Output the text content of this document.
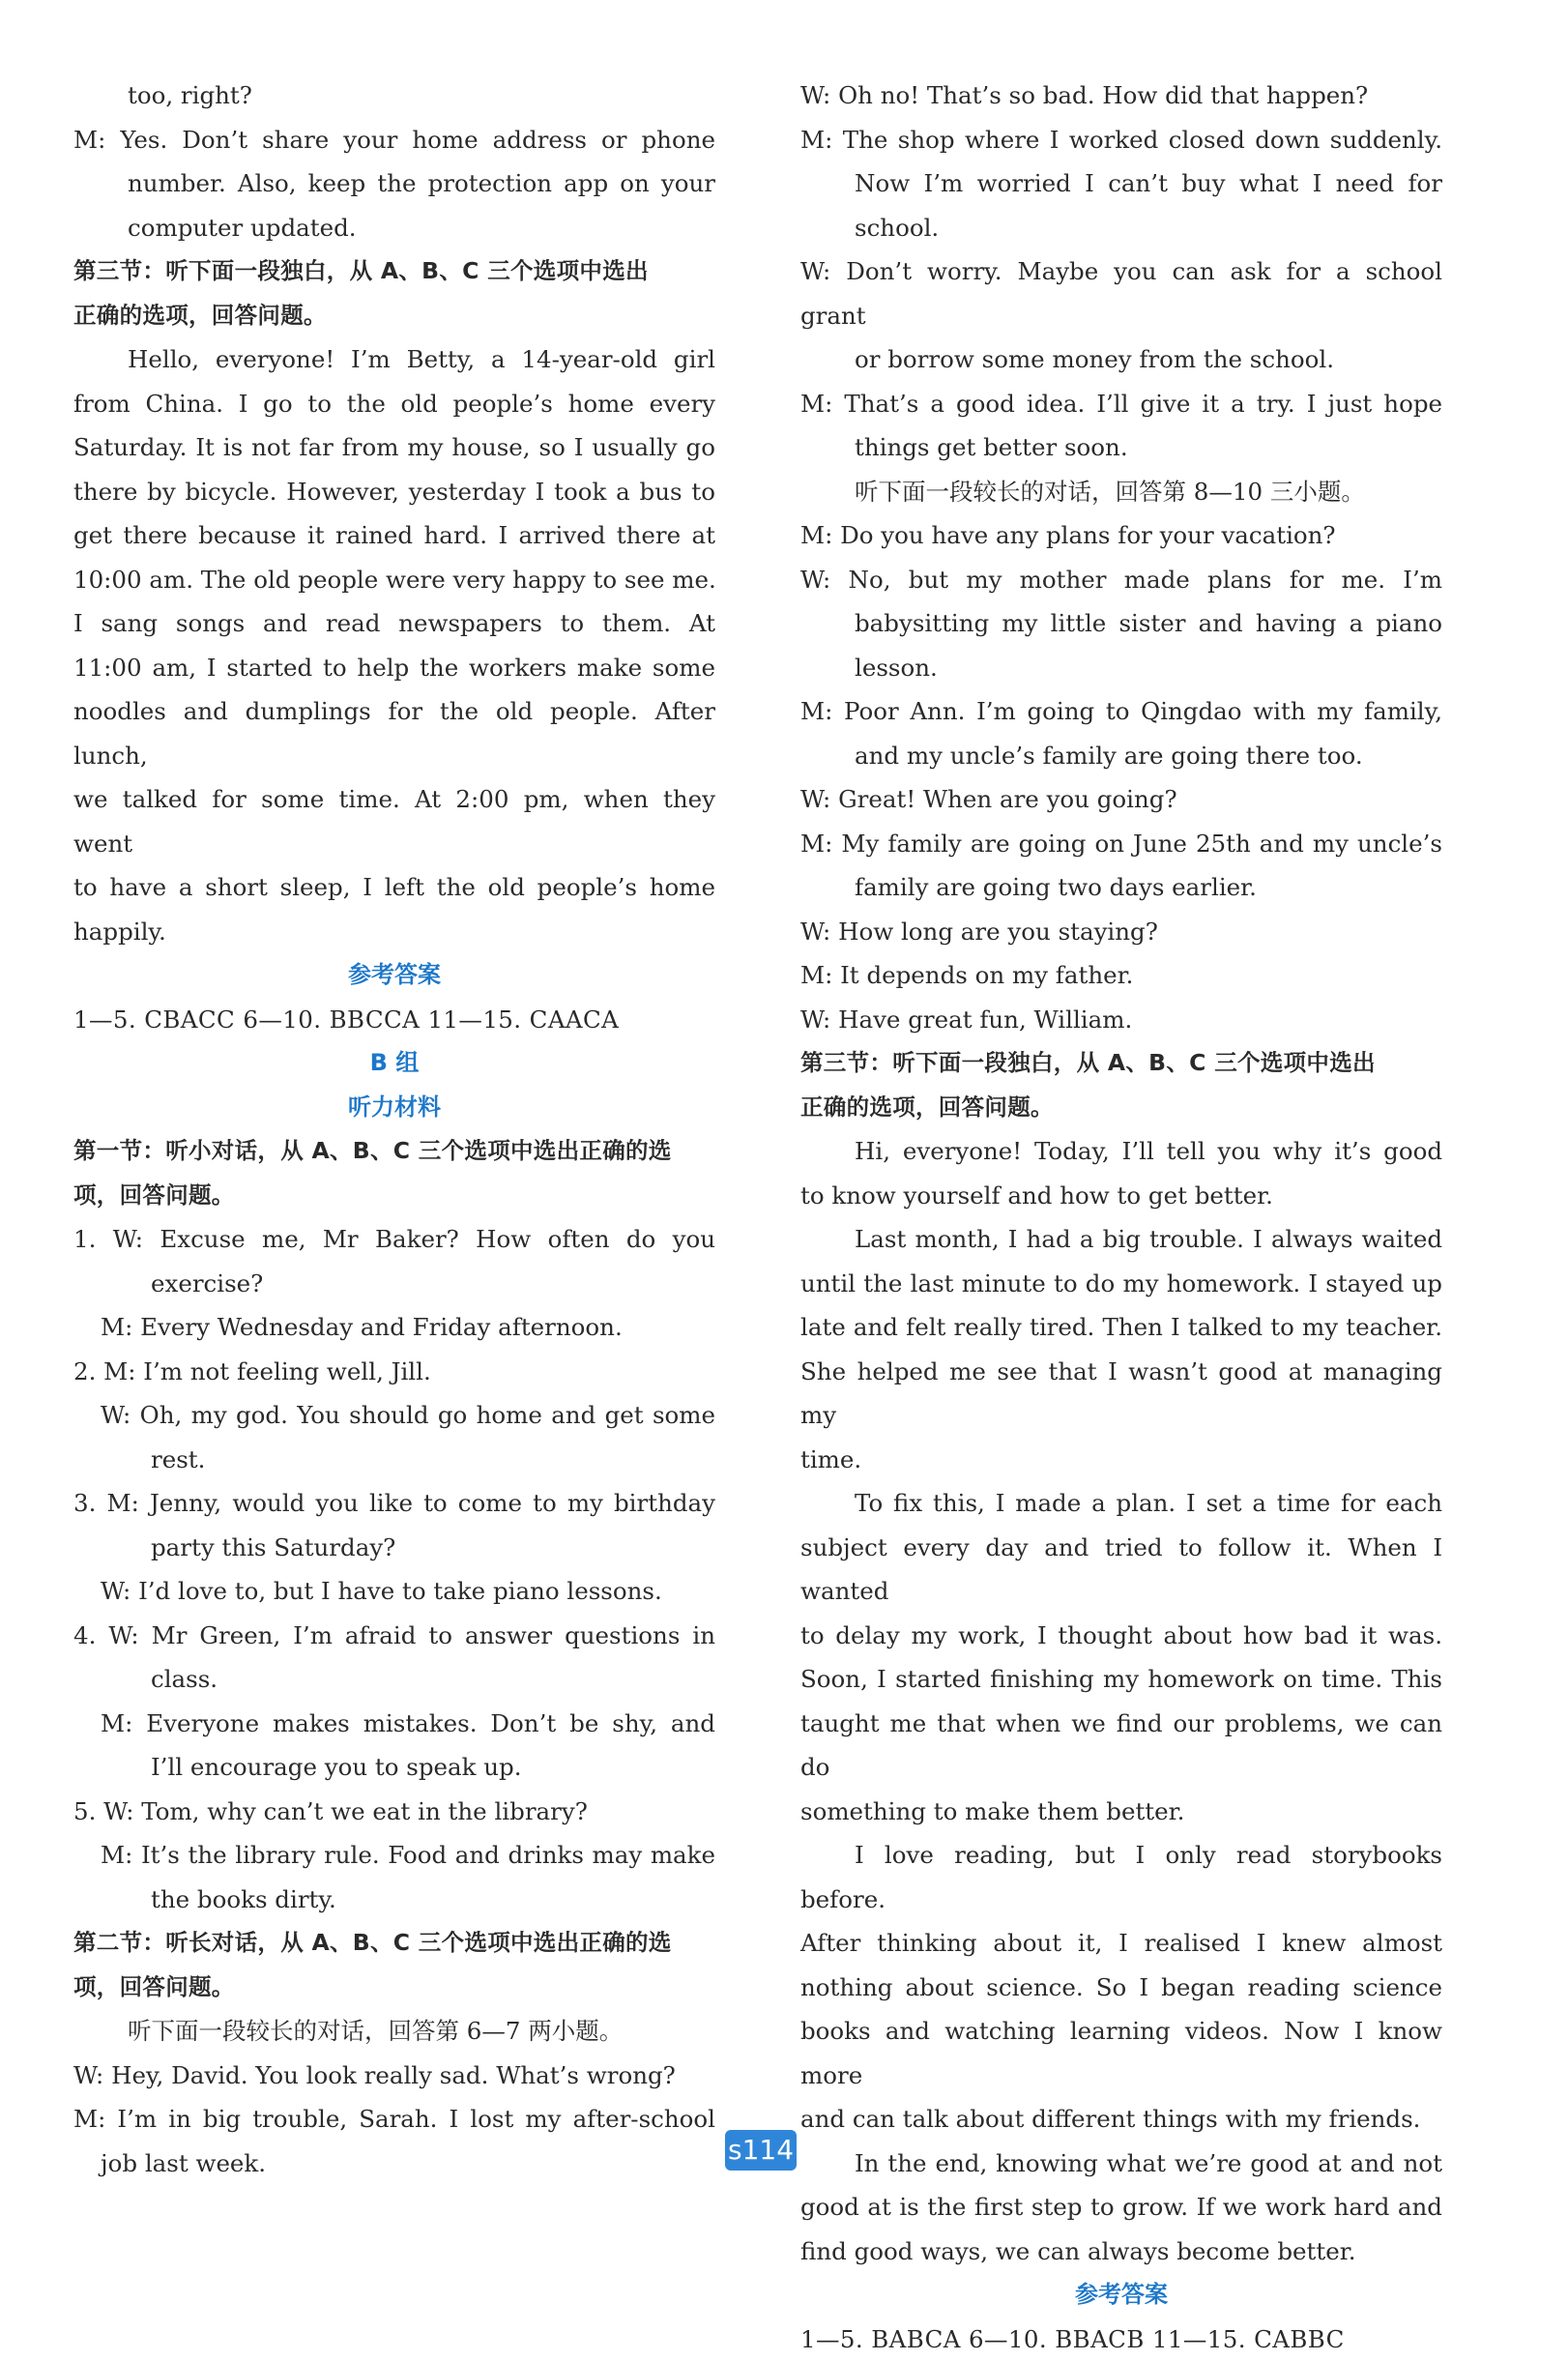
too, right?

M: Yes. Don’t share your home address or phone

number. Also, keep the protection app on your

computer updated.

第三节：听下面一段独白，从 A、B、C 三个选项中选出

正确的选项，回答问题。

Hello, everyone! I’m Betty, a 14-year-old girl

from China. I go to the old people’s home every

Saturday. It is not far from my house, so I usually go

there by bicycle. However, yesterday I took a bus to

get there because it rained hard. I arrived there at

10:00 am. The old people were very happy to see me.

I sang songs and read newspapers to them. At

11:00 am, I started to help the workers make some

noodles and dumplings for the old people. After lunch,

we talked for some time. At 2:00 pm, when they went

to have a short sleep, I left the old people’s home

happily.

参考答案

1—5. CBACC 6—10. BBCCA 11—15. CAACA

B 组

听力材料

第一节：听小对话，从 A、B、C 三个选项中选出正确的选

项，回答问题。

1. W: Excuse me, Mr Baker? How often do you

exercise?

M: Every Wednesday and Friday afternoon.

2. M: I’m not feeling well, Jill.

W: Oh, my god. You should go home and get some

rest.

3. M: Jenny, would you like to come to my birthday

party this Saturday?

W: I’d love to, but I have to take piano lessons.

4. W: Mr Green, I’m afraid to answer questions in

class.

M: Everyone makes mistakes. Don’t be shy, and

I’ll encourage you to speak up.

5. W: Tom, why can’t we eat in the library?

M: It’s the library rule. Food and drinks may make

the books dirty.

第二节：听长对话，从 A、B、C 三个选项中选出正确的选

项，回答问题。

听下面一段较长的对话，回答第 6—7 两小题。

W: Hey, David. You look really sad. What’s wrong?

M: I’m in big trouble, Sarah. I lost my after-school

job last week.

W: Oh no! That’s so bad. How did that happen?

M: The shop where I worked closed down suddenly.

Now I’m worried I can’t buy what I need for

school.

W: Don’t worry. Maybe you can ask for a school grant

or borrow some money from the school.

M: That’s a good idea. I’ll give it a try. I just hope

things get better soon.

听下面一段较长的对话，回答第 8—10 三小题。

M: Do you have any plans for your vacation?

W: No, but my mother made plans for me. I’m

babysitting my little sister and having a piano

lesson.

M: Poor Ann. I’m going to Qingdao with my family,

and my uncle’s family are going there too.

W: Great! When are you going?

M: My family are going on June 25th and my uncle’s

family are going two days earlier.

W: How long are you staying?

M: It depends on my father.

W: Have great fun, William.

第三节：听下面一段独白，从 A、B、C 三个选项中选出

正确的选项，回答问题。

Hi, everyone! Today, I’ll tell you why it’s good

to know yourself and how to get better.

Last month, I had a big trouble. I always waited

until the last minute to do my homework. I stayed up

late and felt really tired. Then I talked to my teacher.

She helped me see that I wasn’t good at managing my

time.

To fix this, I made a plan. I set a time for each

subject every day and tried to follow it. When I wanted

to delay my work, I thought about how bad it was.

Soon, I started finishing my homework on time. This

taught me that when we find our problems, we can do

something to make them better.

I love reading, but I only read storybooks before.

After thinking about it, I realised I knew almost

nothing about science. So I began reading science

books and watching learning videos. Now I know more

and can talk about different things with my friends.

In the end, knowing what we’re good at and not

good at is the first step to grow. If we work hard and

find good ways, we can always become better.

参考答案

1—5. BABCA 6—10. BBACB 11—15. CABBC

s114
